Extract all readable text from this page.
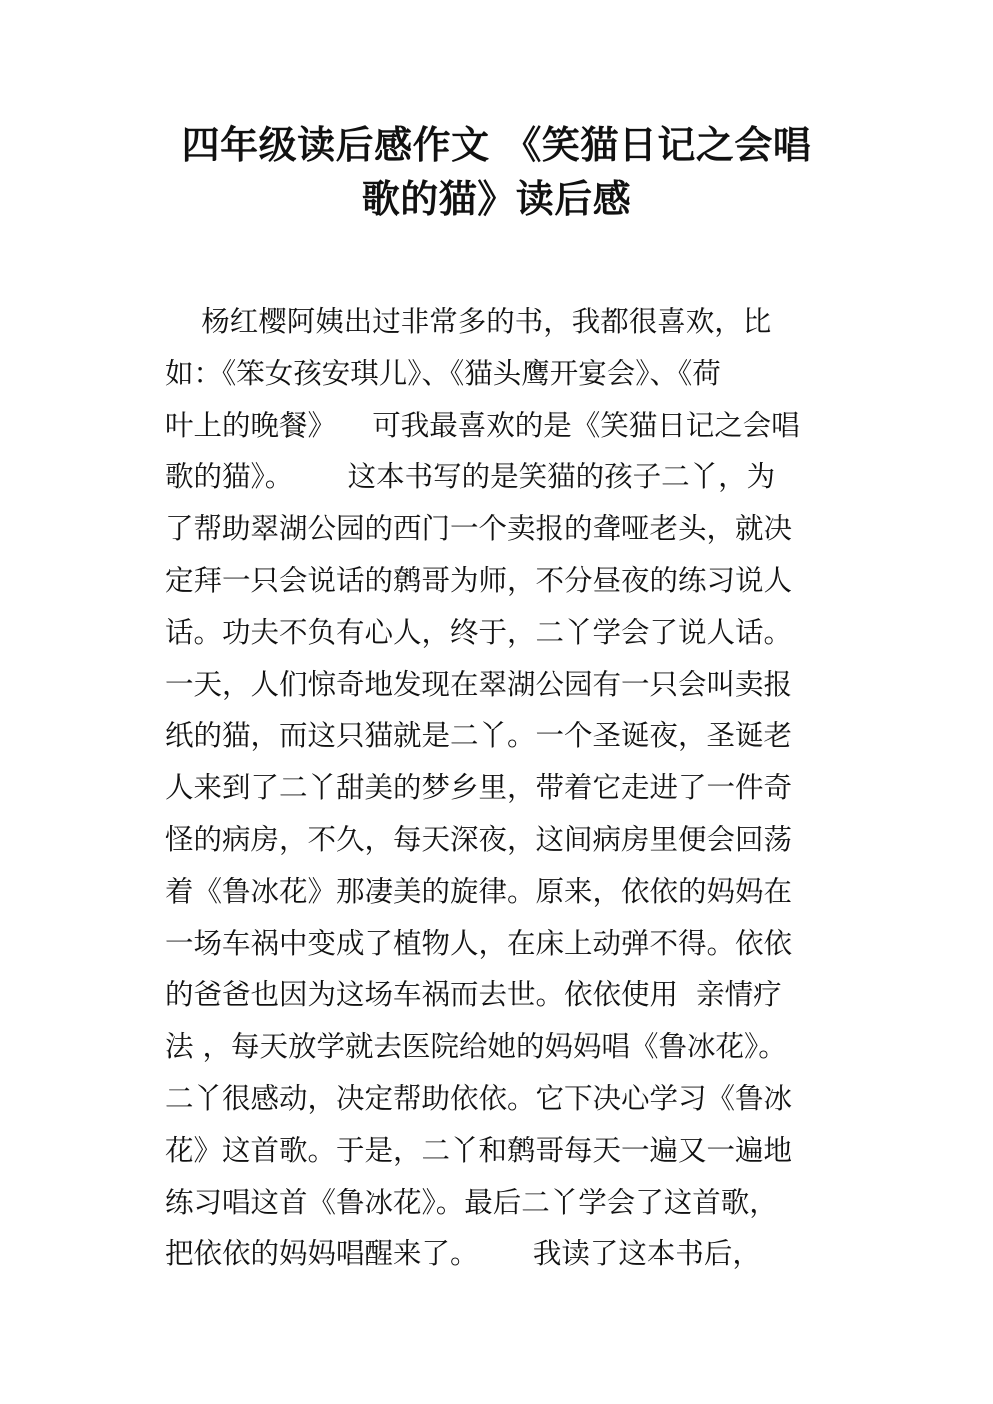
四年级读后感作文 《笑猫日记之会唱
歌的猫》读后感
杨红樱阿姨出过非常多的书，我都很喜欢，比
如：《笨女孩安琪儿》、《猫头鹰开宴会》、《荷
叶上的晚餐》    可我最喜欢的是《笑猫日记之会唱
歌的猫》。      这本书写的是笑猫的孩子二丫，为
了帮助翠湖公园的西门一个卖报的聋哑老头，就决
定拜一只会说话的鹩哥为师，不分昼夜的练习说人
话。功夫不负有心人，终于，二丫学会了说人话。
一天，人们惊奇地发现在翠湖公园有一只会叫卖报
纸的猫，而这只猫就是二丫。一个圣诞夜，圣诞老
人来到了二丫甜美的梦乡里，带着它走进了一件奇
怪的病房，不久，每天深夜，这间病房里便会回荡
着《鲁冰花》那凄美的旋律。原来，依依的妈妈在
一场车祸中变成了植物人，在床上动弹不得。依依
的爸爸也因为这场车祸而去世。依依使用  亲情疗
法 ，每天放学就去医院给她的妈妈唱《鲁冰花》。
二丫很感动，决定帮助依依。它下决心学习《鲁冰
花》这首歌。于是，二丫和鹩哥每天一遍又一遍地
练习唱这首《鲁冰花》。最后二丫学会了这首歌，
把依依的妈妈唱醒来了。      我读了这本书后，
